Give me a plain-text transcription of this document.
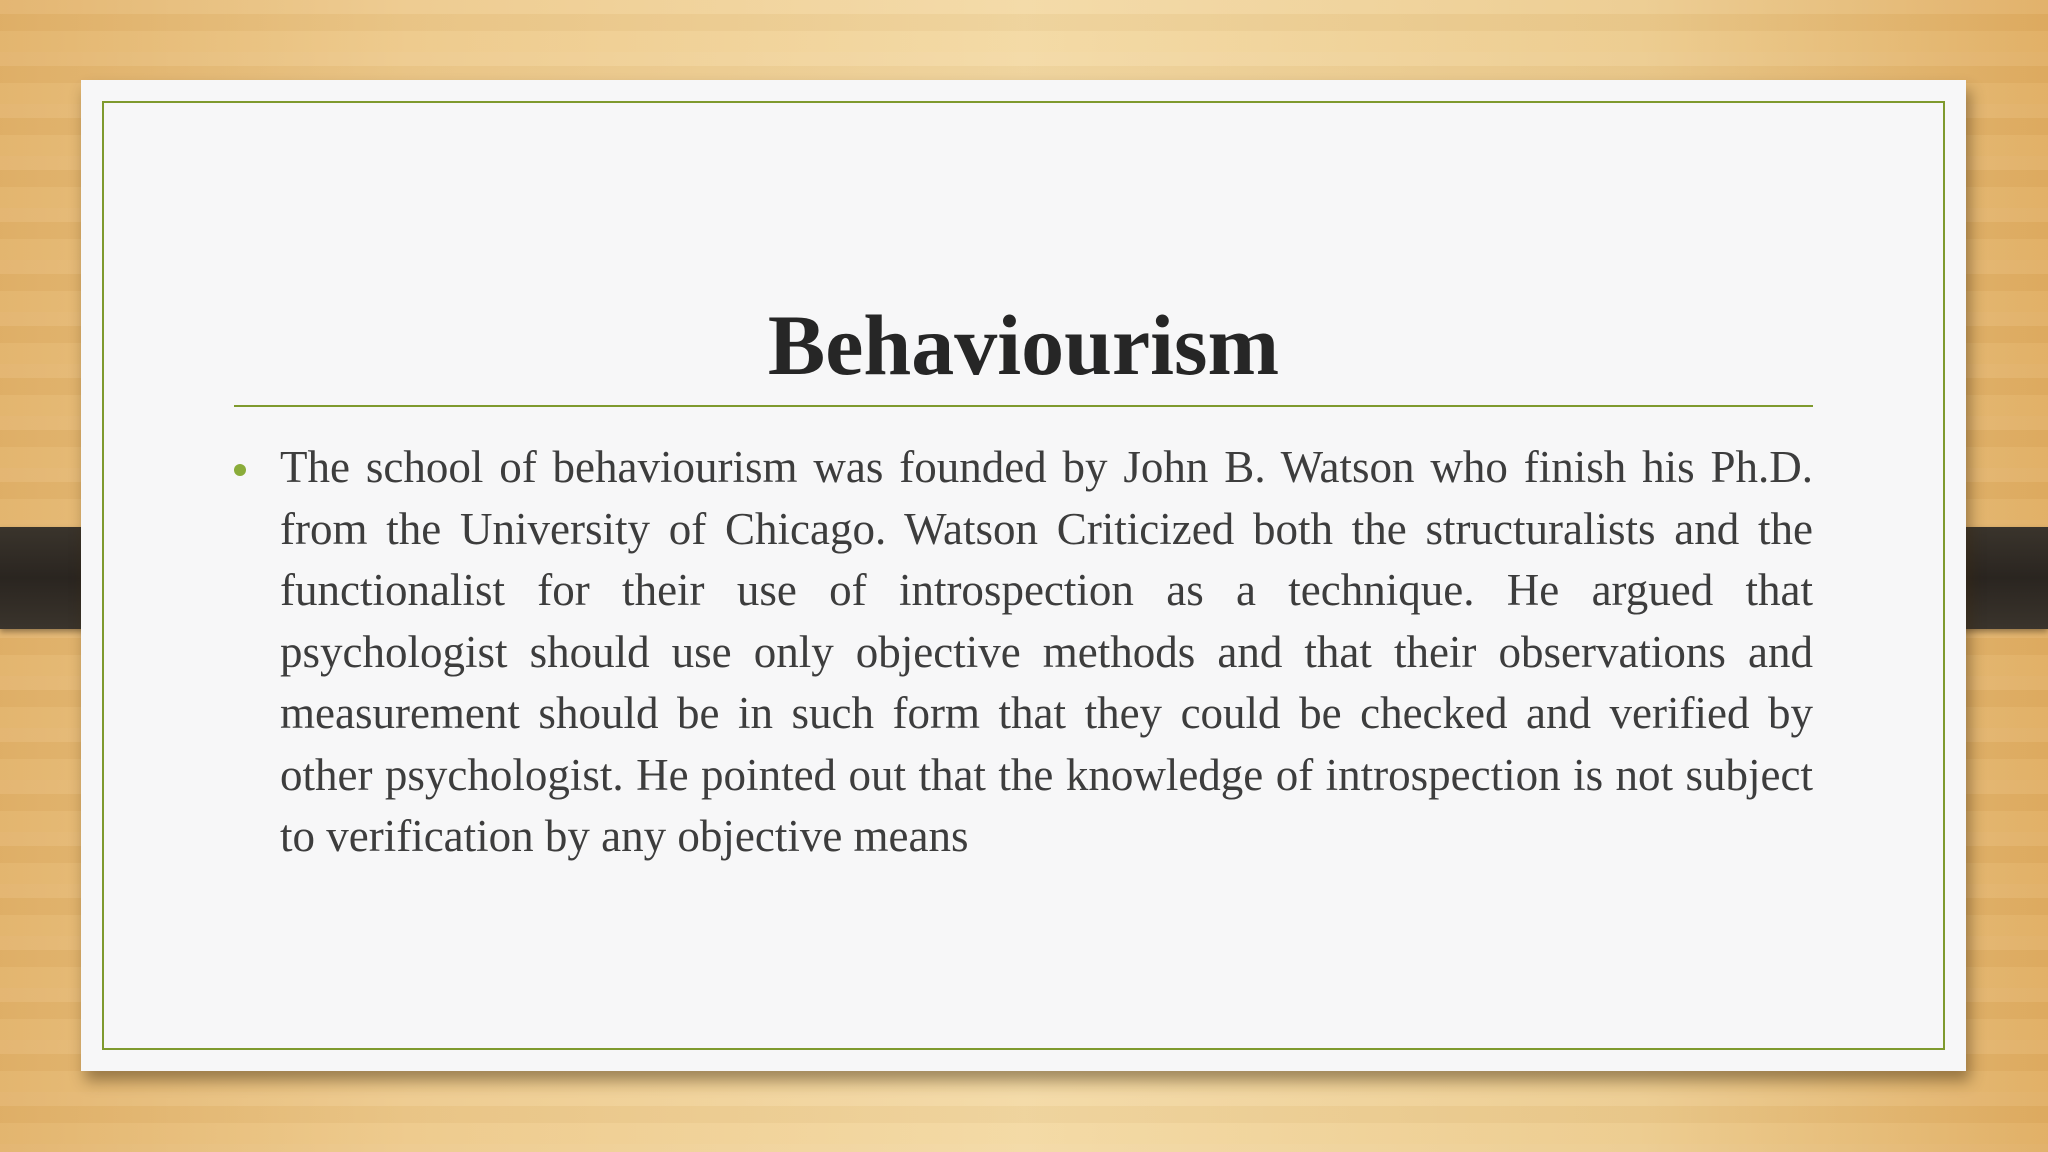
Behaviourism

The school of behaviourism was founded by John B. Watson who finish his Ph.D. from the University of Chicago. Watson Criticized both the structuralists and the functionalist for their use of introspection as a technique. He argued that psychologist should use only objective methods and that their observations and measurement should be in such form that they could be checked and verified by other psychologist. He pointed out that the knowledge of introspection is not subject to verification by any objective means
